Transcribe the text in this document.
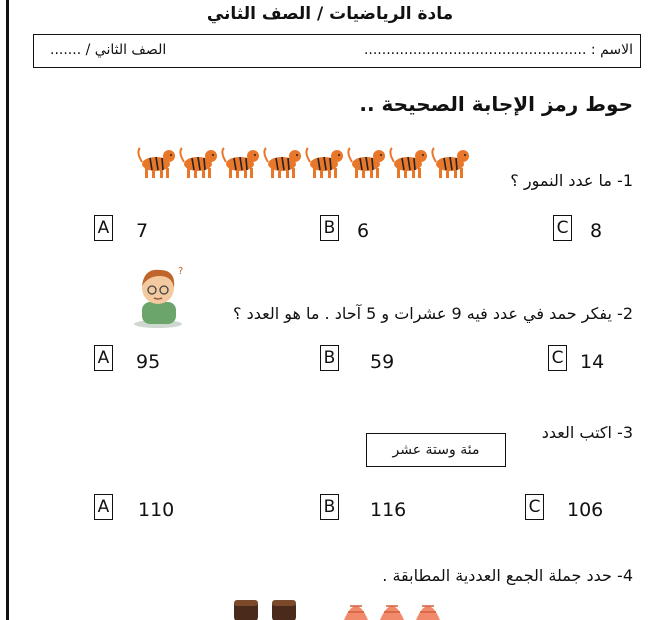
مادة الرياضيات / الصف الثاني
الاسم : ..................................................
الصف الثاني / .......
حوط رمز الإجابة الصحيحة ..
1- ما عدد النمور ؟
A 7	B 6	C 8
?
2- يفكر حمد في عدد فيه 9 عشرات و 5 آحاد . ما هو العدد ؟
A 95	B 59	C 14
3- اكتب العدد
مئة وستة عشر
A 110	B 116	C 106
4- حدد جملة الجمع العددية المطابقة .
